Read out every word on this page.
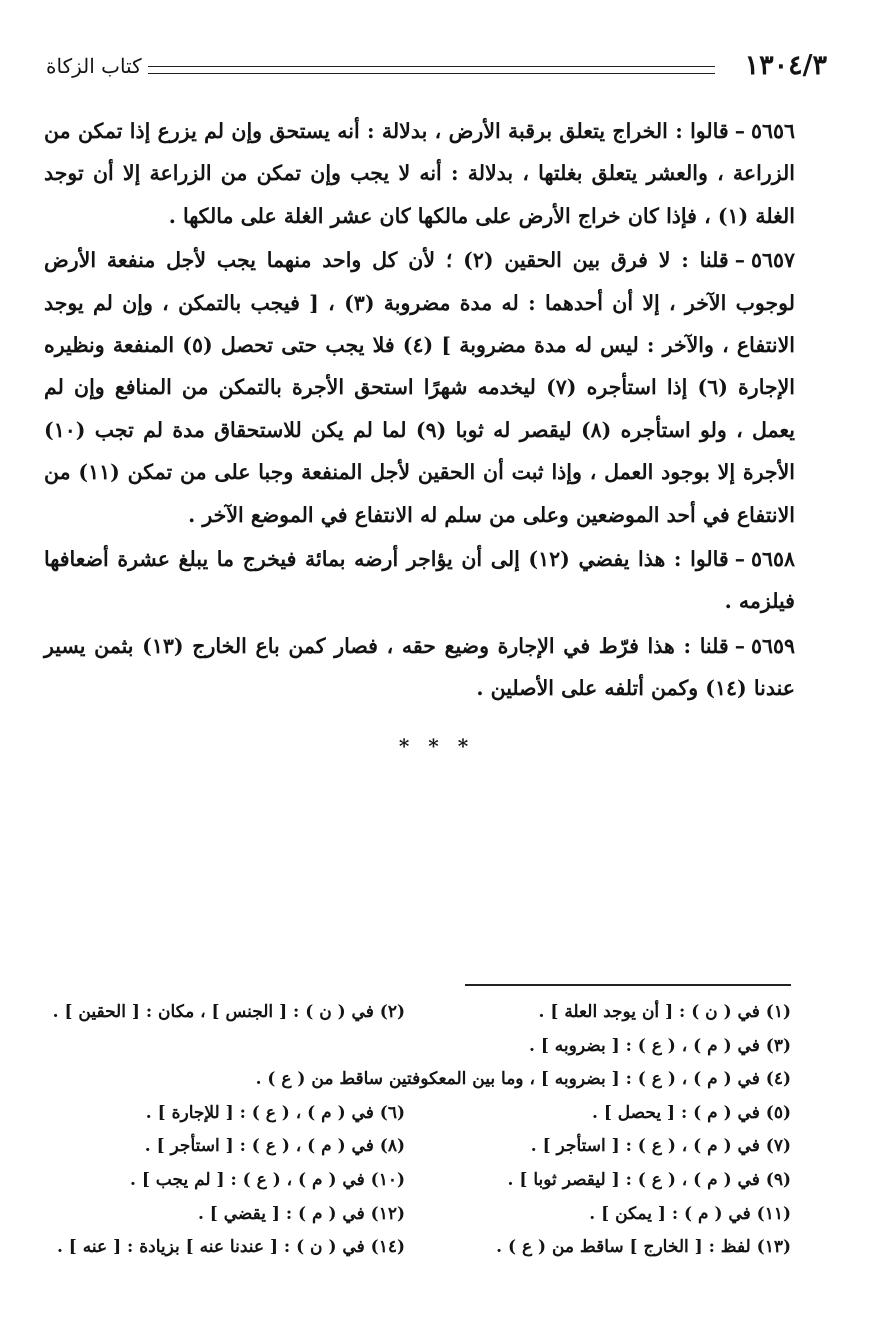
١٣٠٤/٣
كتاب الزكاة

٥٦٥٦–قالوا : الخراج يتعلق برقبة الأرض ، بدلالة : أنه يستحق وإن لم يزرع إذا تمكن من الزراعة ، والعشر يتعلق بغلتها ، بدلالة : أنه لا يجب وإن تمكن من الزراعة إلا أن توجد الغلة (١) ، فإذا كان خراج الأرض على مالكها كان عشر الغلة على مالكها .

٥٦٥٧–قلنا : لا فرق بين الحقين (٢) ؛ لأن كل واحد منهما يجب لأجل منفعة الأرض لوجوب الآخر ، إلا أن أحدهما : له مدة مضروبة (٣) ، [ فيجب بالتمكن ، وإن لم يوجد الانتفاع ، والآخر : ليس له مدة مضروبة ] (٤) فلا يجب حتى تحصل (٥) المنفعة ونظيره الإجارة (٦) إذا استأجره (٧) ليخدمه شهرًا استحق الأجرة بالتمكن من المنافع وإن لم يعمل ، ولو استأجره (٨) ليقصر له ثوبا (٩) لما لم يكن للاستحقاق مدة لم تجب (١٠) الأجرة إلا بوجود العمل ، وإذا ثبت أن الحقين لأجل المنفعة وجبا على من تمكن (١١) من الانتفاع في أحد الموضعين وعلى من سلم له الانتفاع في الموضع الآخر .

٥٦٥٨–قالوا : هذا يفضي (١٢) إلى أن يؤاجر أرضه بمائة فيخرج ما يبلغ عشرة أضعافها فيلزمه .

٥٦٥٩–قلنا : هذا فرّط في الإجارة وضيع حقه ، فصار كمن باع الخارج (١٣) بثمن يسير عندنا (١٤) وكمن أتلفه على الأصلين .

* * *
(١) في ( ن ) : [ أن يوجد العلة ] .
(٢) في ( ن ) : [ الجنس ] ، مكان : [ الحقين ] .
(٣) في ( م ) ، ( ع ) : [ بضروبه ] .
(٤) في ( م ) ، ( ع ) : [ بضروبه ] ، وما بين المعكوفتين ساقط من ( ع ) .
(٥) في ( م ) : [ يحصل ] .
(٦) في ( م ) ، ( ع ) : [ للإجارة ] .
(٧) في ( م ) ، ( ع ) : [ استأجر ] .
(٨) في ( م ) ، ( ع ) : [ استأجر ] .
(٩) في ( م ) ، ( ع ) : [ ليقصر ثوبا ] .
(١٠) في ( م ) ، ( ع ) : [ لم يجب ] .
(١١) في ( م ) : [ يمكن ] .
(١٢) في ( م ) : [ يقضي ] .
(١٣) لفظ : [ الخارج ] ساقط من ( ع ) .
(١٤) في ( ن ) : [ عندنا عنه ] بزيادة : [ عنه ] .
